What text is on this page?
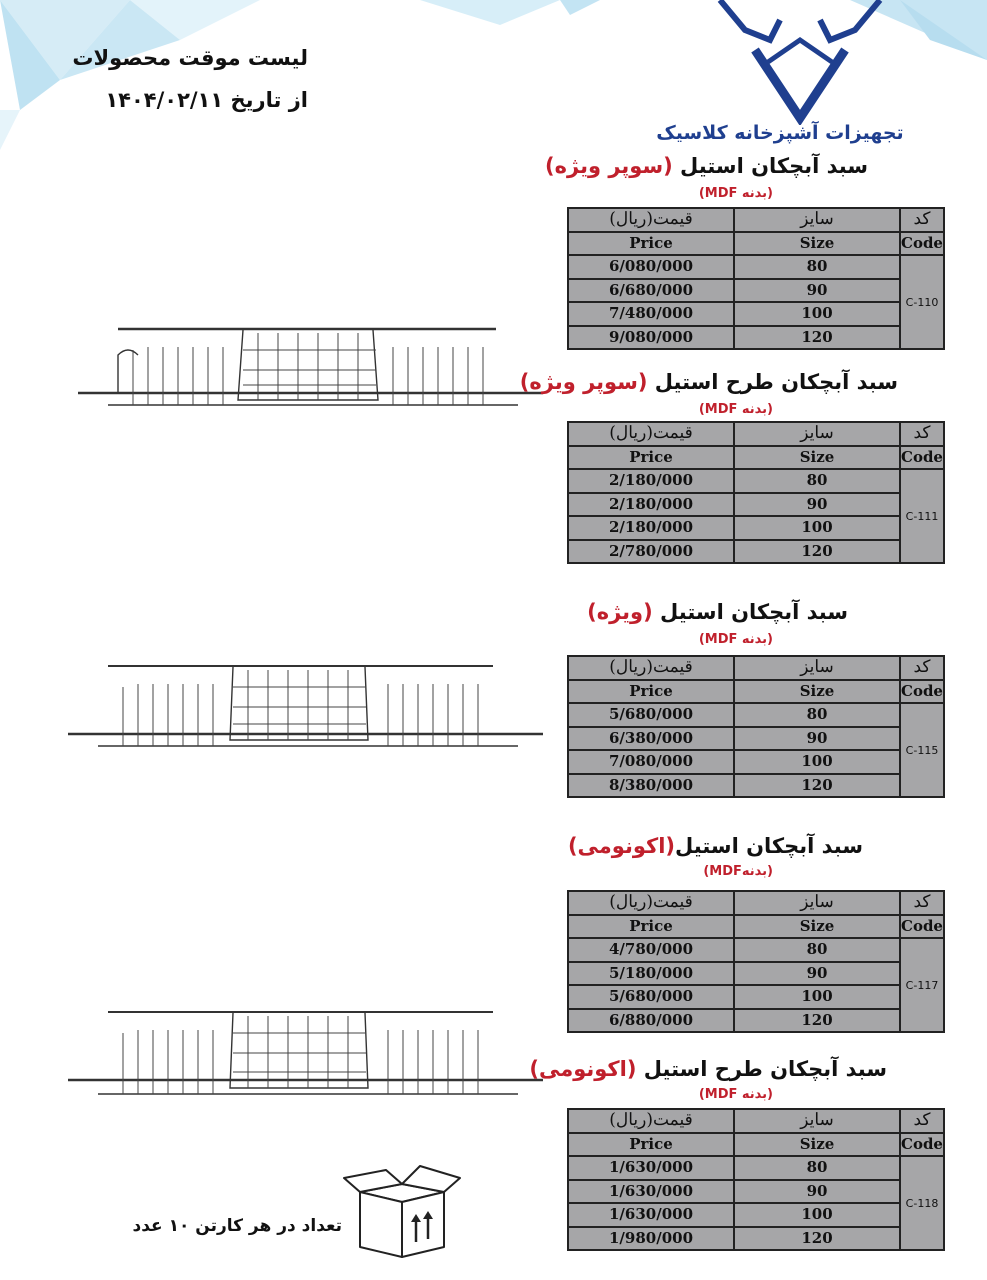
تجهیزات آشپزخانه کلاسیک
لیست موقت محصولات
از تاریخ ۱۴۰۴/۰۲/۱۱
سبد آبچکان استیل (سوپر ویژه)
(بدنه MDF)
قیمت(ریال)	سایز	کد
Price	Size	Code
6/080/000	80	C-110
6/680/000	90	
7/480/000	100	
9/080/000	120	
سبد آبچکان طرح استیل (سوپر ویژه)
(بدنه MDF)
قیمت(ریال)	سایز	کد
Price	Size	Code
2/180/000	80	C-111
2/180/000	90	
2/180/000	100	
2/780/000	120	
سبد آبچکان استیل (ویژه)
(بدنه MDF)
قیمت(ریال)	سایز	کد
Price	Size	Code
5/680/000	80	C-115
6/380/000	90	
7/080/000	100	
8/380/000	120	
سبد آبچکان استیل(اکونومی)
(بدنهMDF)
قیمت(ریال)	سایز	کد
Price	Size	Code
4/780/000	80	C-117
5/180/000	90	
5/680/000	100	
6/880/000	120	
سبد آبچکان طرح استیل (اکونومی)
(بدنه MDF)
قیمت(ریال)	سایز	کد
Price	Size	Code
1/630/000	80	C-118
1/630/000	90	
1/630/000	100	
1/980/000	120	
تعداد در هر کارتن ۱۰ عدد
